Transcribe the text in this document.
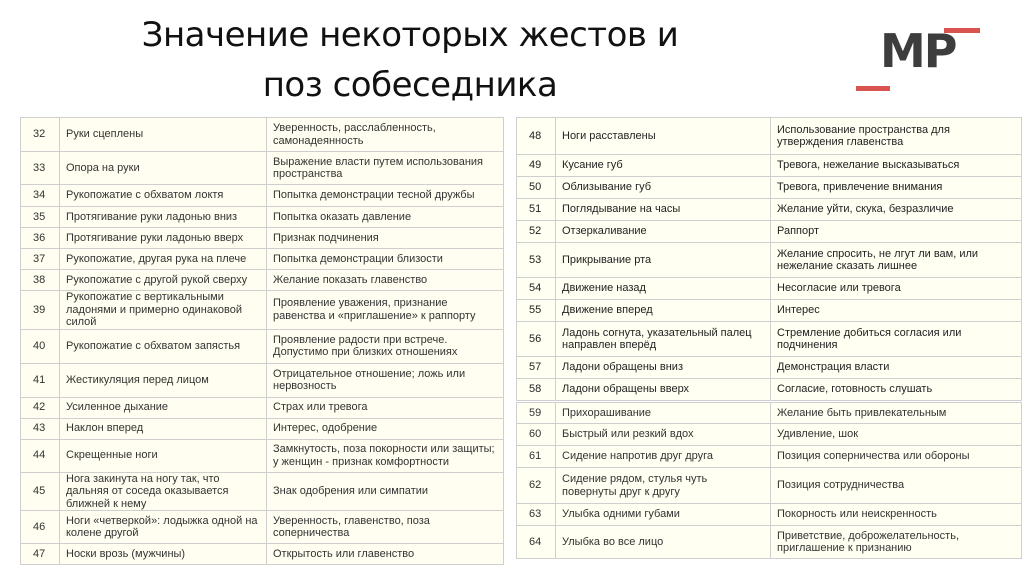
Значение некоторых жестов и
поз собеседника
МР
32	Руки сцеплены	Уверенность, расслабленность, самонадеянность
33	Опора на руки	Выражение власти путем использования пространства
34	Рукопожатие с обхватом локтя	Попытка демонстрации тесной дружбы
35	Протягивание руки ладонью вниз	Попытка оказать давление
36	Протягивание руки ладонью вверх	Признак подчинения
37	Рукопожатие, другая рука на плече	Попытка демонстрации близости
38	Рукопожатие с другой рукой сверху	Желание показать главенство
39	Рукопожатие с вертикальными ладонями и примерно одинаковой силой	Проявление уважения, признание равенства и «приглашение» к раппорту
40	Рукопожатие с обхватом запястья	Проявление радости при встрече. Допустимо при близких отношениях
41	Жестикуляция перед лицом	Отрицательное отношение; ложь или нервозность
42	Усиленное дыхание	Страх или тревога
43	Наклон вперед	Интерес, одобрение
44	Скрещенные ноги	Замкнутость, поза покорности или защиты; у женщин - признак комфортности
45	Нога закинута на ногу так, что дальняя от соседа оказывается ближней к нему	Знак одобрения или симпатии
46	Ноги «четверкой»: лодыжка одной на колене другой	Уверенность, главенство, поза соперничества
47	Носки врозь (мужчины)	Открытость или главенство
48	Ноги расставлены	Использование пространства для утверждения главенства
49	Кусание губ	Тревога, нежелание высказываться
50	Облизывание губ	Тревога, привлечение внимания
51	Поглядывание на часы	Желание уйти, скука, безразличие
52	Отзеркаливание	Раппорт
53	Прикрывание рта	Желание спросить, не лгут ли вам, или нежелание сказать лишнее
54	Движение назад	Несогласие или тревога
55	Движение вперед	Интерес
56	Ладонь согнута, указательный палец направлен вперёд	Стремление добиться согласия или подчинения
57	Ладони обращены вниз	Демонстрация власти
58	Ладони обращены вверх	Согласие, готовность слушать
59	Прихорашивание	Желание быть привлекательным
60	Быстрый или резкий вдох	Удивление, шок
61	Сидение напротив друг друга	Позиция соперничества или обороны
62	Сидение рядом, стулья чуть повернуты друг к другу	Позиция сотрудничества
63	Улыбка одними губами	Покорность или неискренность
64	Улыбка во все лицо	Приветствие, доброжелательность, приглашение к признанию
